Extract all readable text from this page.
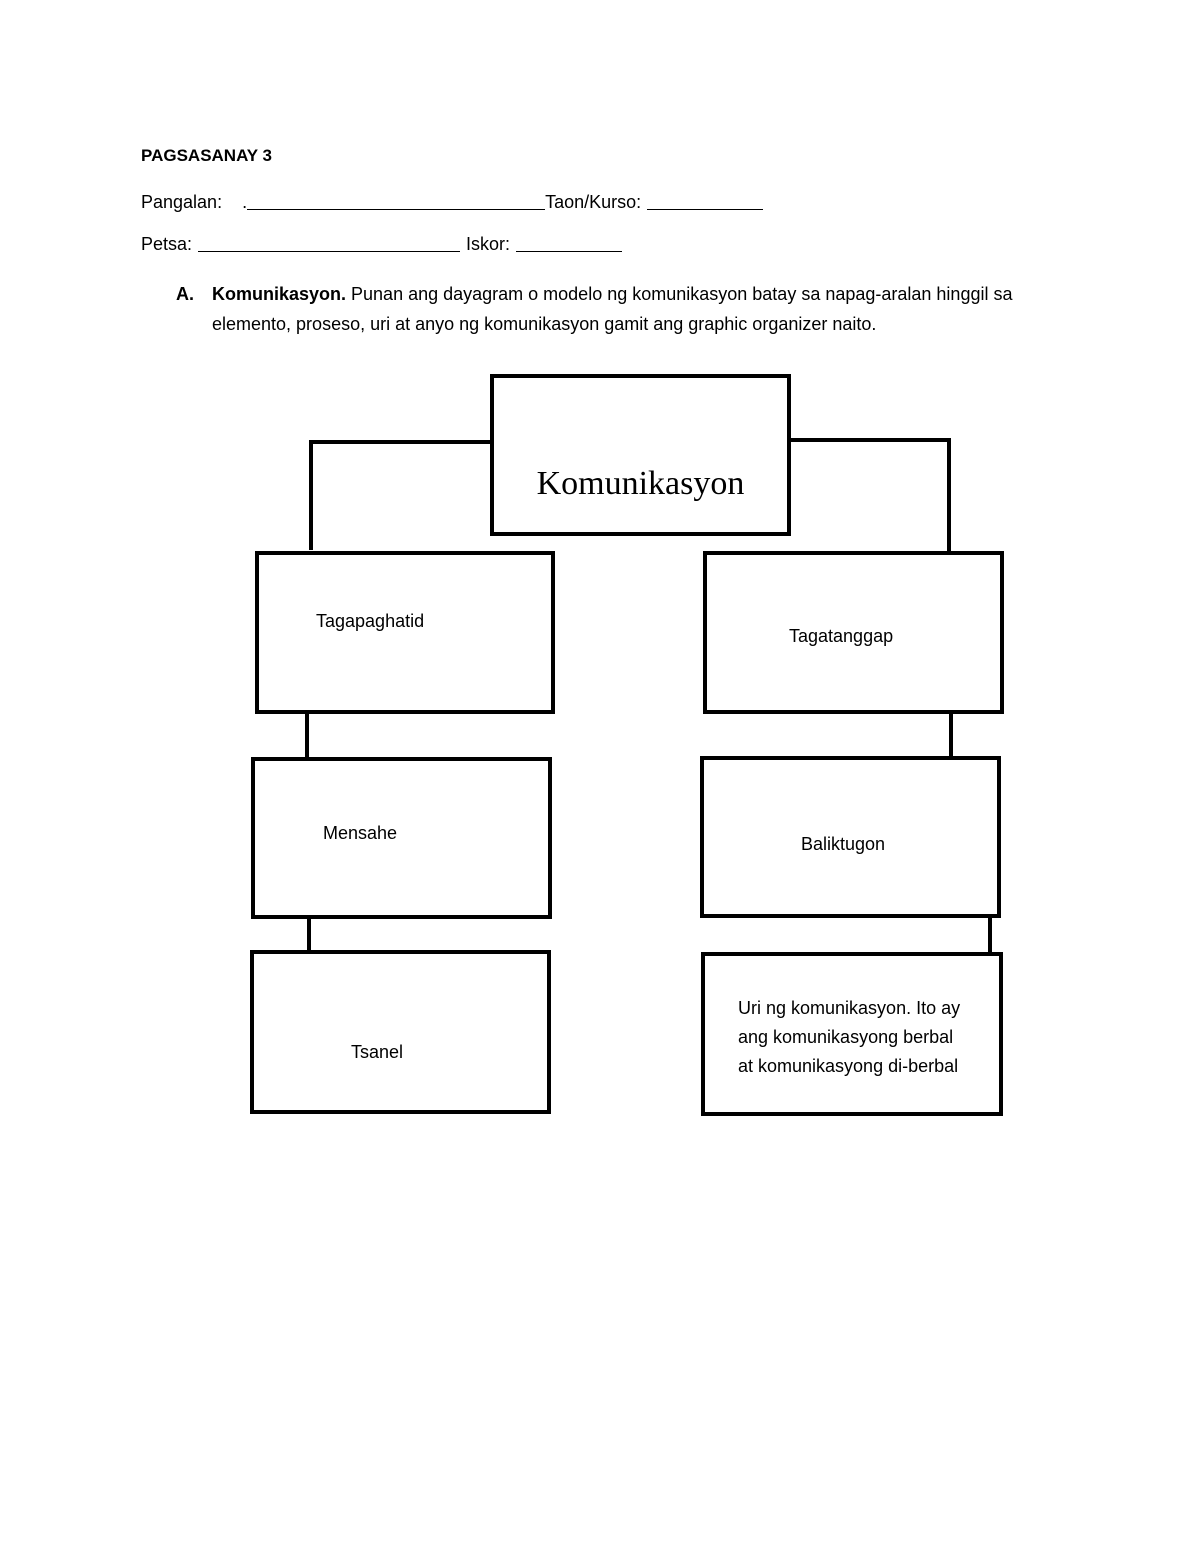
PAGSASANAY 3
Pangalan: .	Taon/Kurso:
Petsa:	Iskor:
A. Komunikasyon. Punan ang dayagram o modelo ng komunikasyon batay sa napag-aralan hinggil sa elemento, proseso, uri at anyo ng komunikasyon gamit ang graphic organizer naito.
Komunikasyon
Tagapaghatid
Mensahe
Tsanel
Tagatanggap
Baliktugon
Uri ng komunikasyon. Ito ay ang komunikasyong berbal at komunikasyong di-berbal
